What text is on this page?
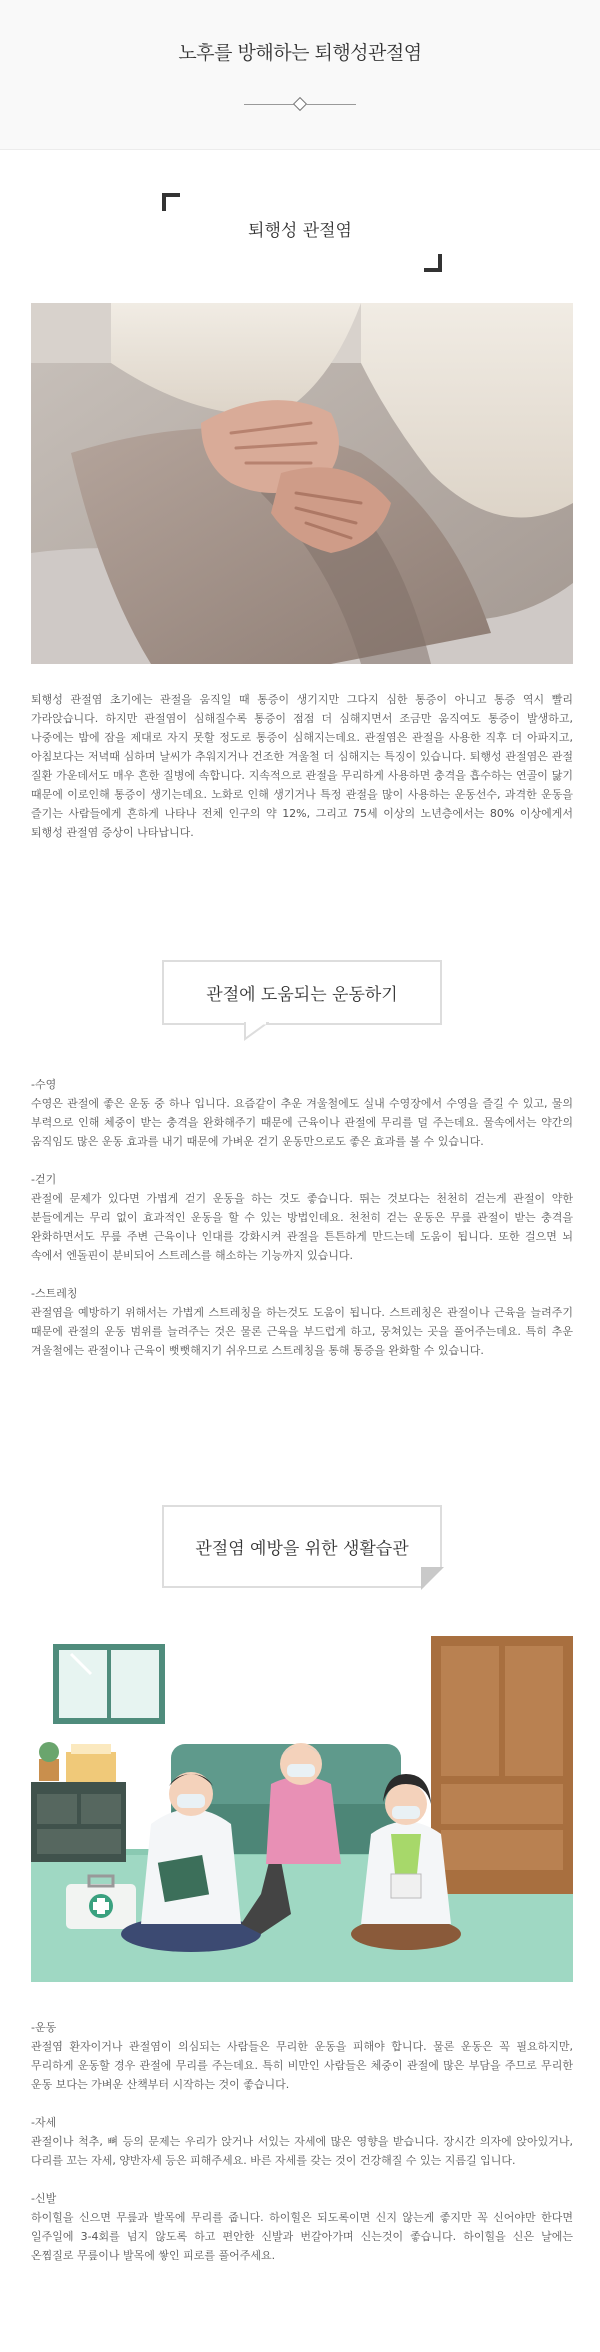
노후를 방해하는 퇴행성관절염
퇴행성 관절염

퇴행성 관절염 초기에는 관절을 움직일 때 통증이 생기지만 그다지 심한 통증이 아니고 통증 역시 빨리 가라앉습니다. 하지만 관절염이 심해질수록 통증이 점점 더 심해지면서 조금만 움직여도 통증이 발생하고, 나중에는 밤에 잠을 제대로 자지 못할 정도로 통증이 심해지는데요. 관절염은 관절을 사용한 직후 더 아파지고, 아침보다는 저녁때 심하며 날씨가 추워지거나 건조한 겨울철 더 심해지는 특징이 있습니다. 퇴행성 관절염은 관절 질환 가운데서도 매우 흔한 질병에 속합니다. 지속적으로 관절을 무리하게 사용하면 충격을 흡수하는 연골이 닳기 때문에 이로인해 통증이 생기는데요. 노화로 인해 생기거나 특정 관절을 많이 사용하는 운동선수, 과격한 운동을 즐기는 사람들에게 흔하게 나타나 전체 인구의 약 12%, 그리고 75세 이상의 노년층에서는 80% 이상에게서 퇴행성 관절염 증상이 나타납니다.

관절에 도움되는 운동하기

-수영
수영은 관절에 좋은 운동 중 하나 입니다. 요즘같이 추운 겨울철에도 실내 수영장에서 수영을 즐길 수 있고, 물의 부력으로 인해 체중이 받는 충격을 완화해주기 때문에 근육이나 관절에 무리를 덜 주는데요. 물속에서는 약간의 움직임도 많은 운동 효과를 내기 때문에 가벼운 걷기 운동만으로도 좋은 효과를 볼 수 있습니다.

-걷기
관절에 문제가 있다면 가볍게 걷기 운동을 하는 것도 좋습니다. 뛰는 것보다는 천천히 걷는게 관절이 약한 분들에게는 무리 없이 효과적인 운동을 할 수 있는 방법인데요. 천천히 걷는 운동은 무릎 관절이 받는 충격을 완화하면서도 무릎 주변 근육이나 인대를 강화시켜 관절을 튼튼하게 만드는데 도움이 됩니다. 또한 걸으면 뇌 속에서 엔돌핀이 분비되어 스트레스를 해소하는 기능까지 있습니다.

-스트레칭
관절염을 예방하기 위해서는 가볍게 스트레칭을 하는것도 도움이 됩니다. 스트레칭은 관절이나 근육을 늘려주기 때문에 관절의 운동 범위를 늘려주는 것은 물론 근육을 부드럽게 하고, 뭉쳐있는 곳을 풀어주는데요. 특히 추운 겨울철에는 관절이나 근육이 뻣뻣해지기 쉬우므로 스트레칭을 통해 통증을 완화할 수 있습니다.

관절염 예방을 위한 생활습관

-운동
관절염 환자이거나 관절염이 의심되는 사람들은 무리한 운동을 피해야 합니다. 물론 운동은 꼭 필요하지만, 무리하게 운동할 경우 관절에 무리를 주는데요. 특히 비만인 사람들은 체중이 관절에 많은 부담을 주므로 무리한 운동 보다는 가벼운 산책부터 시작하는 것이 좋습니다.

-자세
관절이나 척추, 뼈 등의 문제는 우리가 앉거나 서있는 자세에 많은 영향을 받습니다. 장시간 의자에 앉아있거나, 다리를 꼬는 자세, 양반자세 등은 피해주세요. 바른 자세를 갖는 것이 건강해질 수 있는 지름길 입니다.

-신발
하이힐을 신으면 무릎과 발목에 무리를 줍니다. 하이힐은 되도록이면 신지 않는게 좋지만 꼭 신어야만 한다면 일주일에 3-4회를 넘지 않도록 하고 편안한 신발과 번갈아가며 신는것이 좋습니다. 하이힐을 신은 날에는 온찜질로 무릎이나 발목에 쌓인 피로를 풀어주세요.
